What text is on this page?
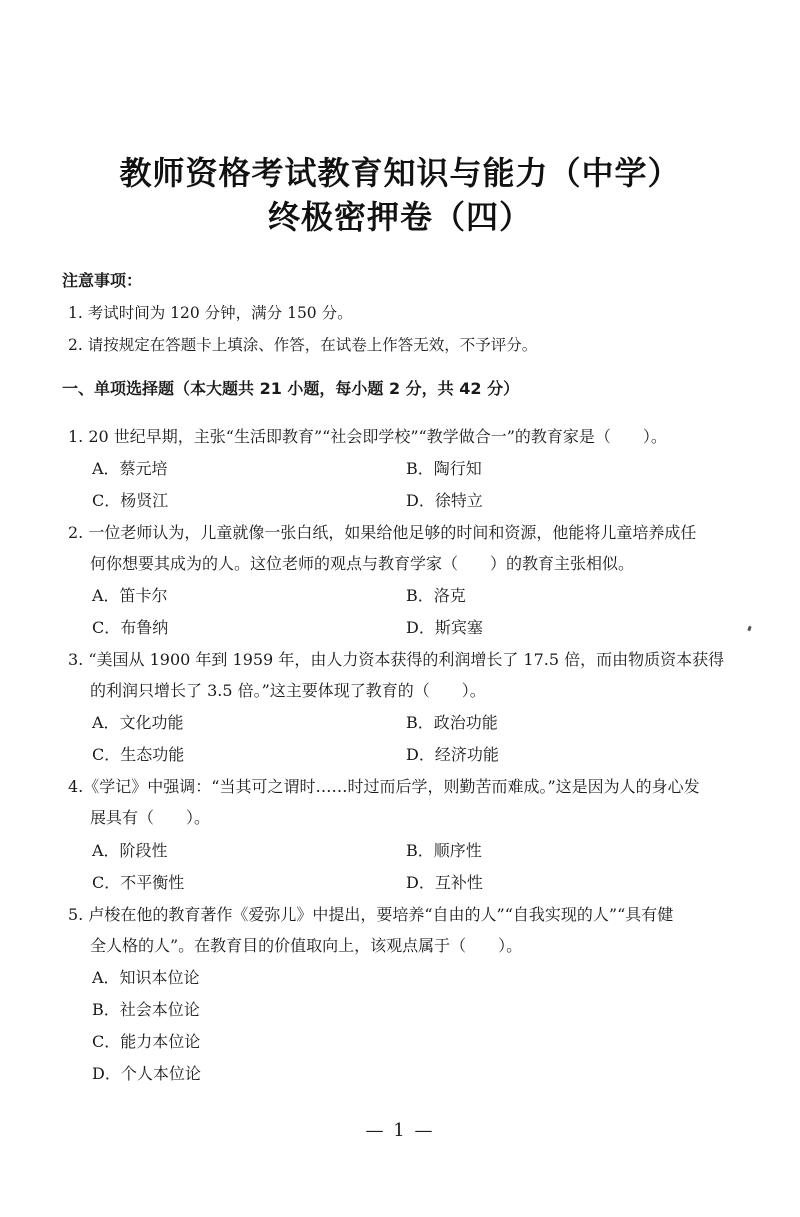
教师资格考试教育知识与能力（中学）
终极密押卷（四）
注意事项：
1. 考试时间为 120 分钟，满分 150 分。
2. 请按规定在答题卡上填涂、作答，在试卷上作答无效，不予评分。
一、单项选择题（本大题共 21 小题，每小题 2 分，共 42 分）
1. 20 世纪早期，主张“生活即教育”“社会即学校”“教学做合一”的教育家是（　　）。
A．蔡元培	B．陶行知
C．杨贤江	D．徐特立
2. 一位老师认为，儿童就像一张白纸，如果给他足够的时间和资源，他能将儿童培养成任
何你想要其成为的人。这位老师的观点与教育学家（　　）的教育主张相似。
A．笛卡尔	B．洛克
C．布鲁纳	D．斯宾塞
3. “美国从 1900 年到 1959 年，由人力资本获得的利润增长了 17.5 倍，而由物质资本获得
的利润只增长了 3.5 倍。”这主要体现了教育的（　　）。
A．文化功能	B．政治功能
C．生态功能	D．经济功能
4.《学记》中强调：“当其可之谓时……时过而后学，则勤苦而难成。”这是因为人的身心发
展具有（　　）。
A．阶段性	B．顺序性
C．不平衡性	D．互补性
5. 卢梭在他的教育著作《爱弥儿》中提出，要培养“自由的人”“自我实现的人”“具有健
全人格的人”。在教育目的价值取向上，该观点属于（　　）。
A．知识本位论
B．社会本位论
C．能力本位论
D．个人本位论
— 1 —
